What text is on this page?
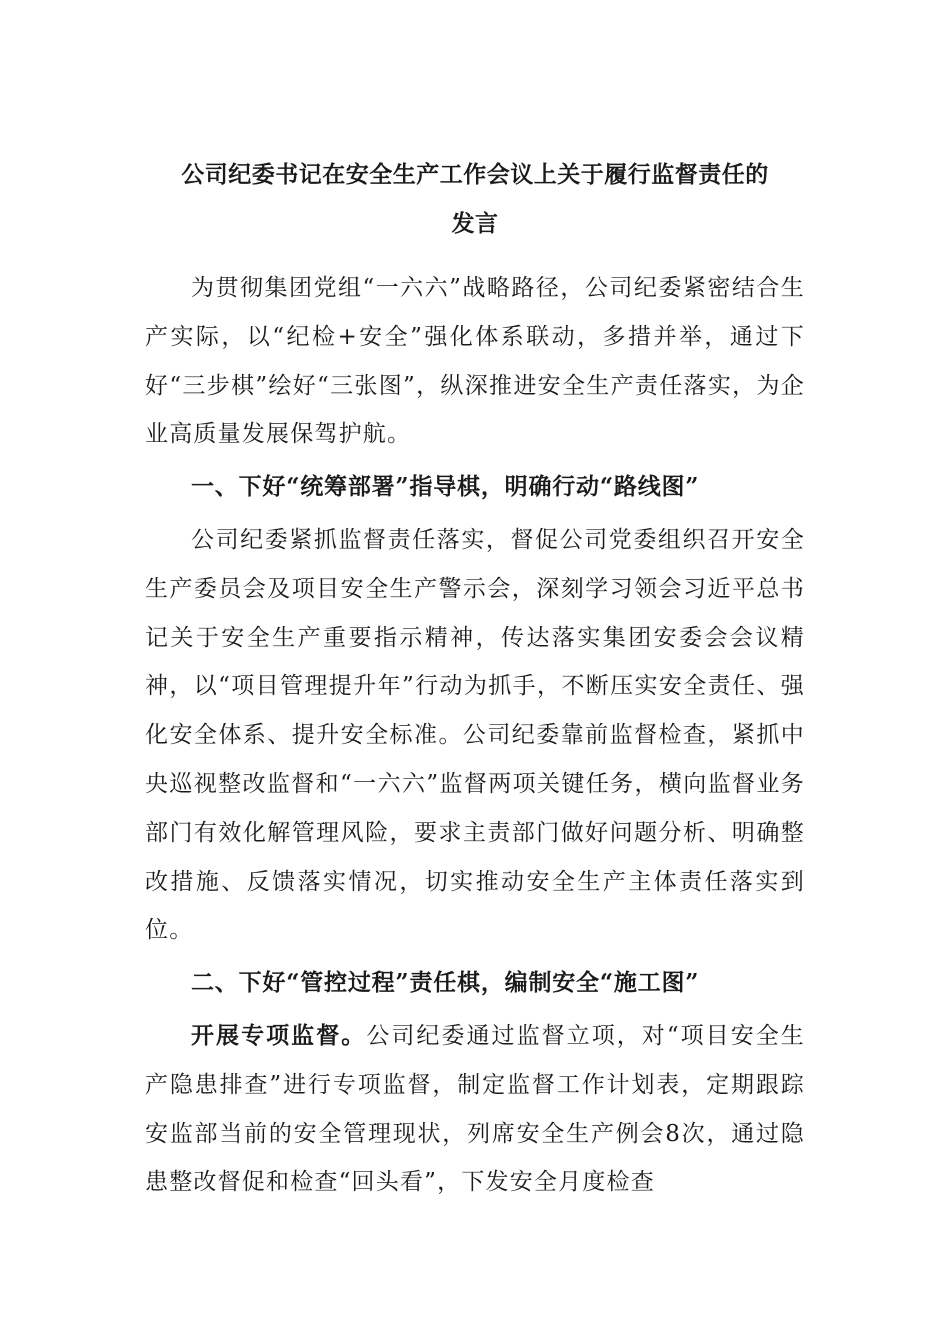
公司纪委书记在安全生产工作会议上关于履行监督责任的
发言

为贯彻集团党组“一六六”战略路径，公司纪委紧密结合生产实际，以“纪检+安全”强化体系联动，多措并举，通过下好“三步棋”绘好“三张图”，纵深推进安全生产责任落实，为企业高质量发展保驾护航。

一、下好“统筹部署”指导棋，明确行动“路线图”

公司纪委紧抓监督责任落实，督促公司党委组织召开安全生产委员会及项目安全生产警示会，深刻学习领会习近平总书记关于安全生产重要指示精神，传达落实集团安委会会议精神，以“项目管理提升年”行动为抓手，不断压实安全责任、强化安全体系、提升安全标准。公司纪委靠前监督检查，紧抓中央巡视整改监督和“一六六”监督两项关键任务，横向监督业务部门有效化解管理风险，要求主责部门做好问题分析、明确整改措施、反馈落实情况，切实推动安全生产主体责任落实到位。

二、下好“管控过程”责任棋，编制安全“施工图”

开展专项监督。公司纪委通过监督立项，对“项目安全生产隐患排查”进行专项监督，制定监督工作计划表，定期跟踪安监部当前的安全管理现状，列席安全生产例会8次，通过隐患整改督促和检查“回头看”，下发安全月度检查
